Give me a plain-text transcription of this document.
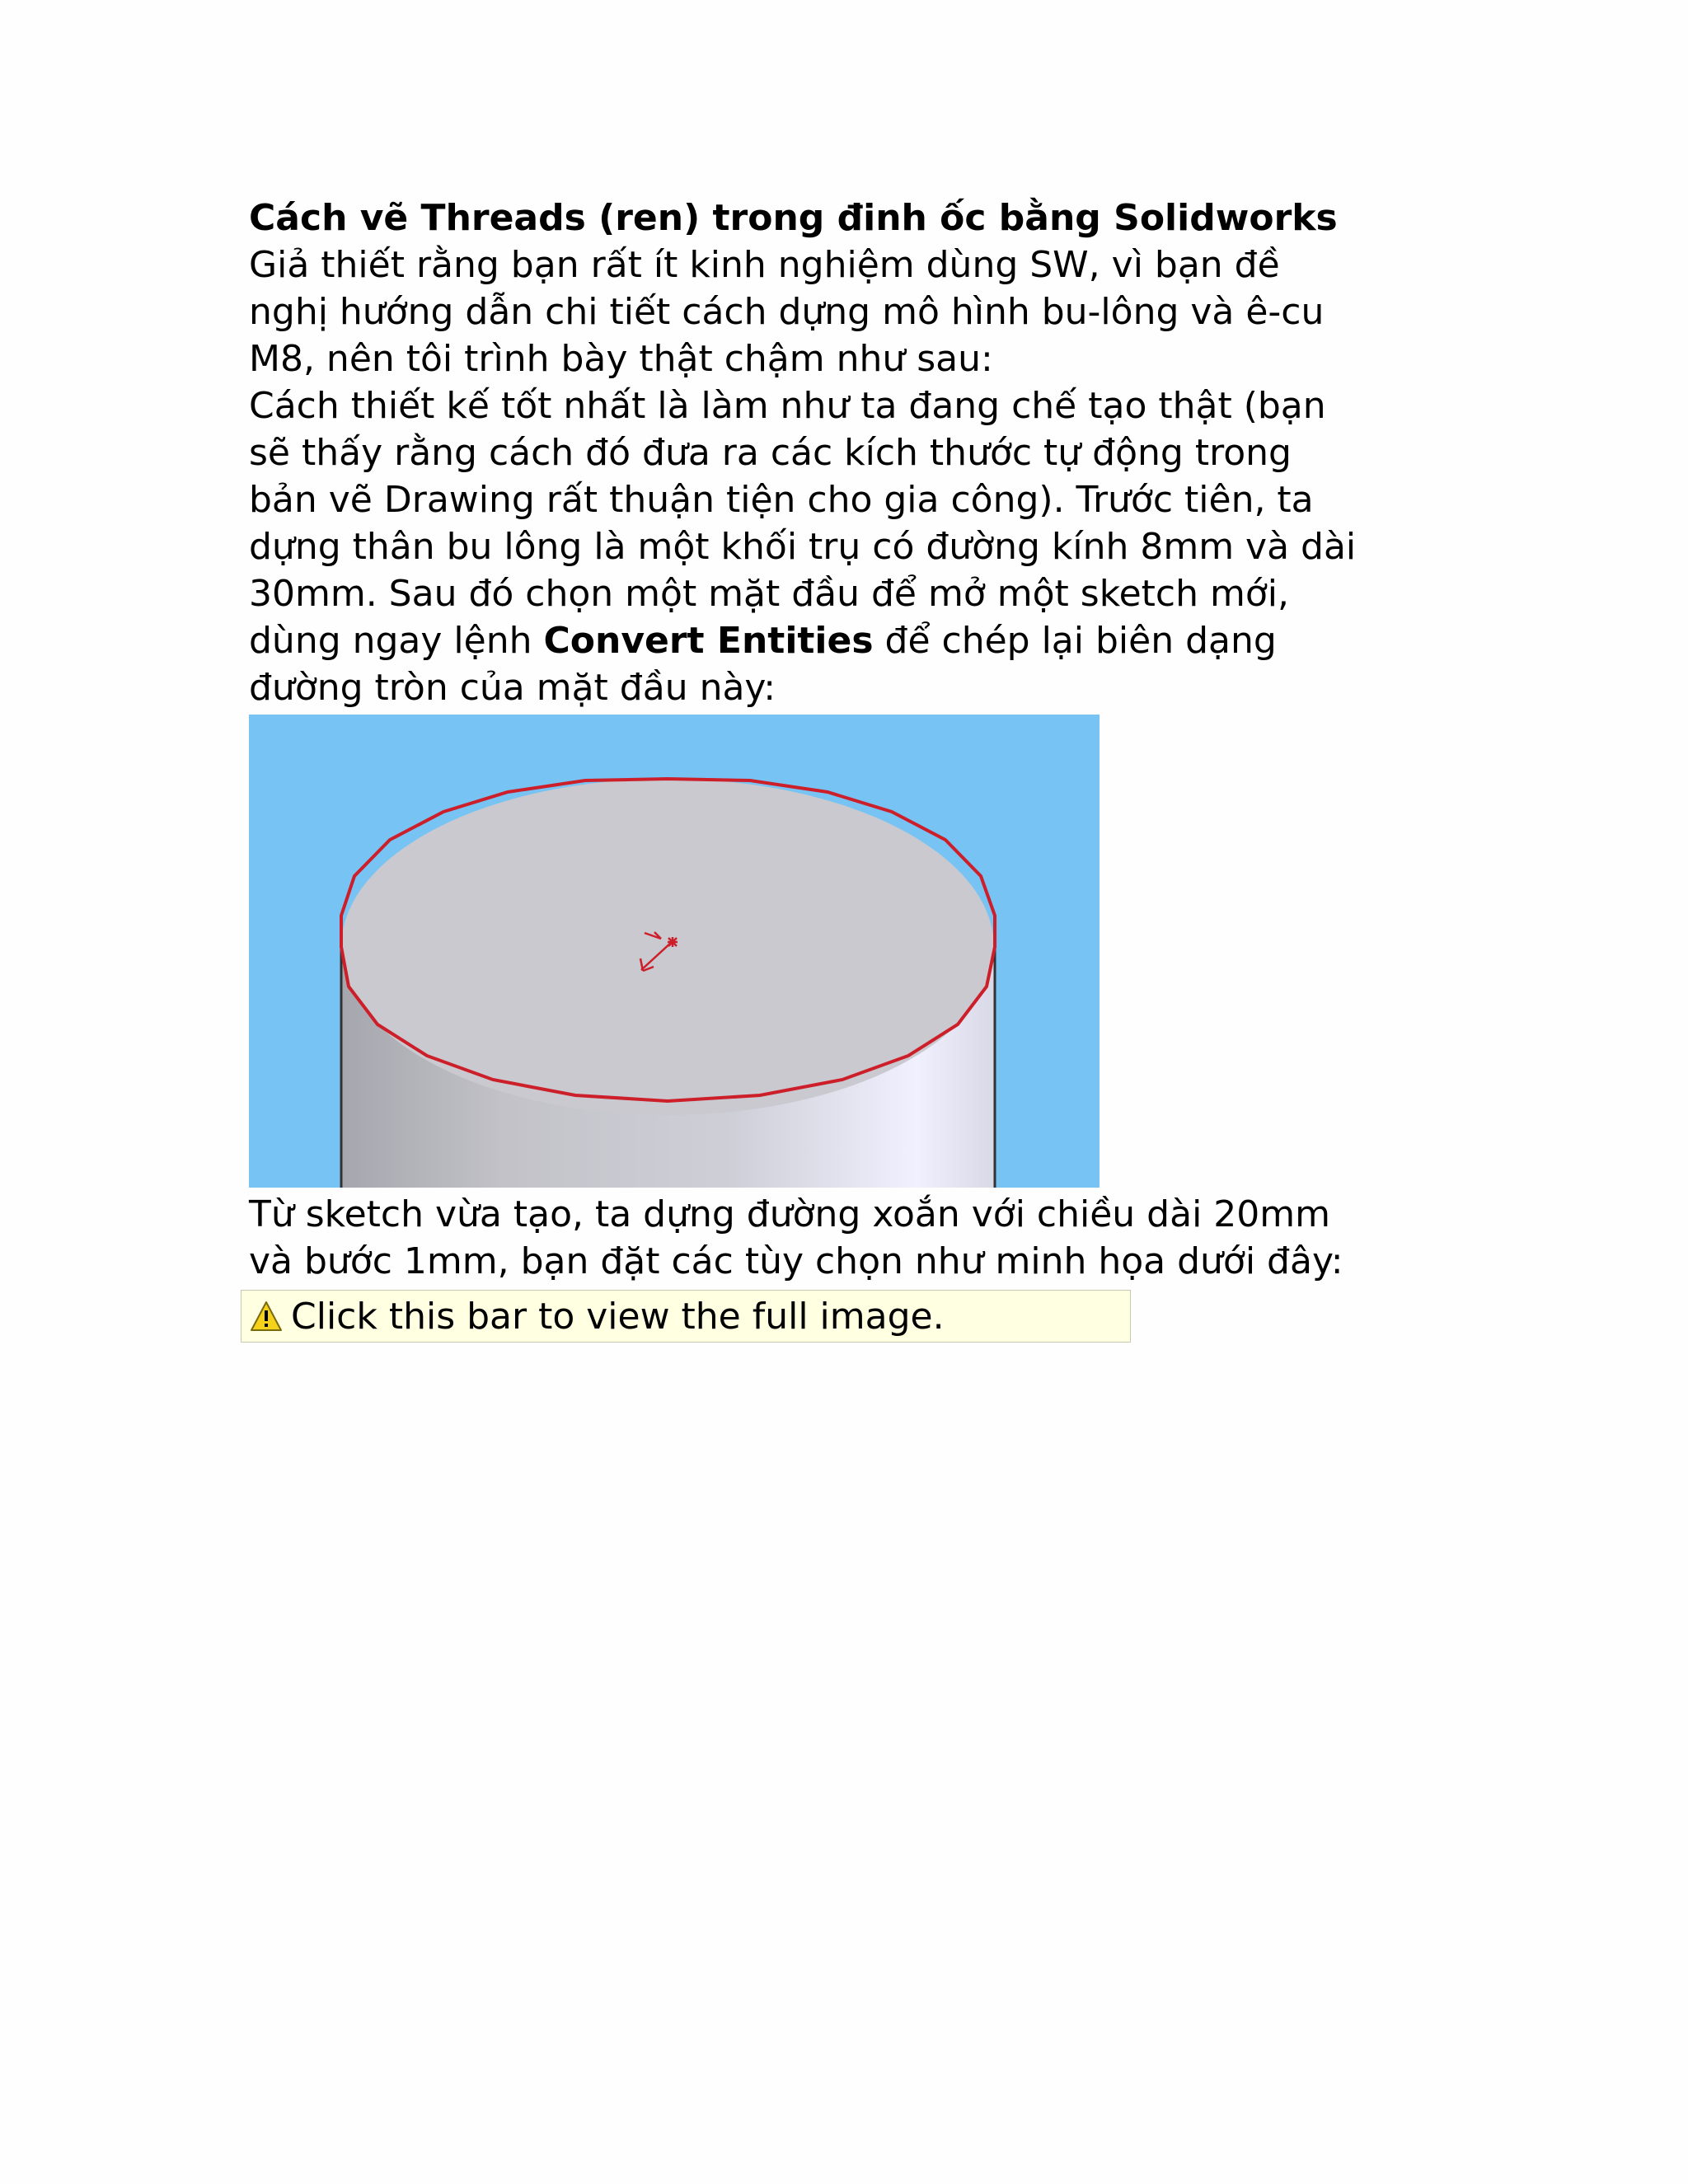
Cách vẽ Threads (ren) trong đinh ốc bằng Solidworks

Giả thiết rằng bạn rất ít kinh nghiệm dùng SW, vì bạn đề

nghị hướng dẫn chi tiết cách dựng mô hình bu-lông và ê-cu

M8, nên tôi trình bày thật chậm như sau:

Cách thiết kế tốt nhất là làm như ta đang chế tạo thật (bạn

sẽ thấy rằng cách đó đưa ra các kích thước tự động trong

bản vẽ Drawing rất thuận tiện cho gia công). Trước tiên, ta

dựng thân bu lông là một khối trụ có đường kính 8mm và dài

30mm. Sau đó chọn một mặt đầu để mở một sketch mới,

dùng ngay lệnh Convert Entities để chép lại biên dạng

đường tròn của mặt đầu này:

Từ sketch vừa tạo, ta dựng đường xoắn với chiều dài 20mm

và bước 1mm, bạn đặt các tùy chọn như minh họa dưới đây:

Click this bar to view the full image.
